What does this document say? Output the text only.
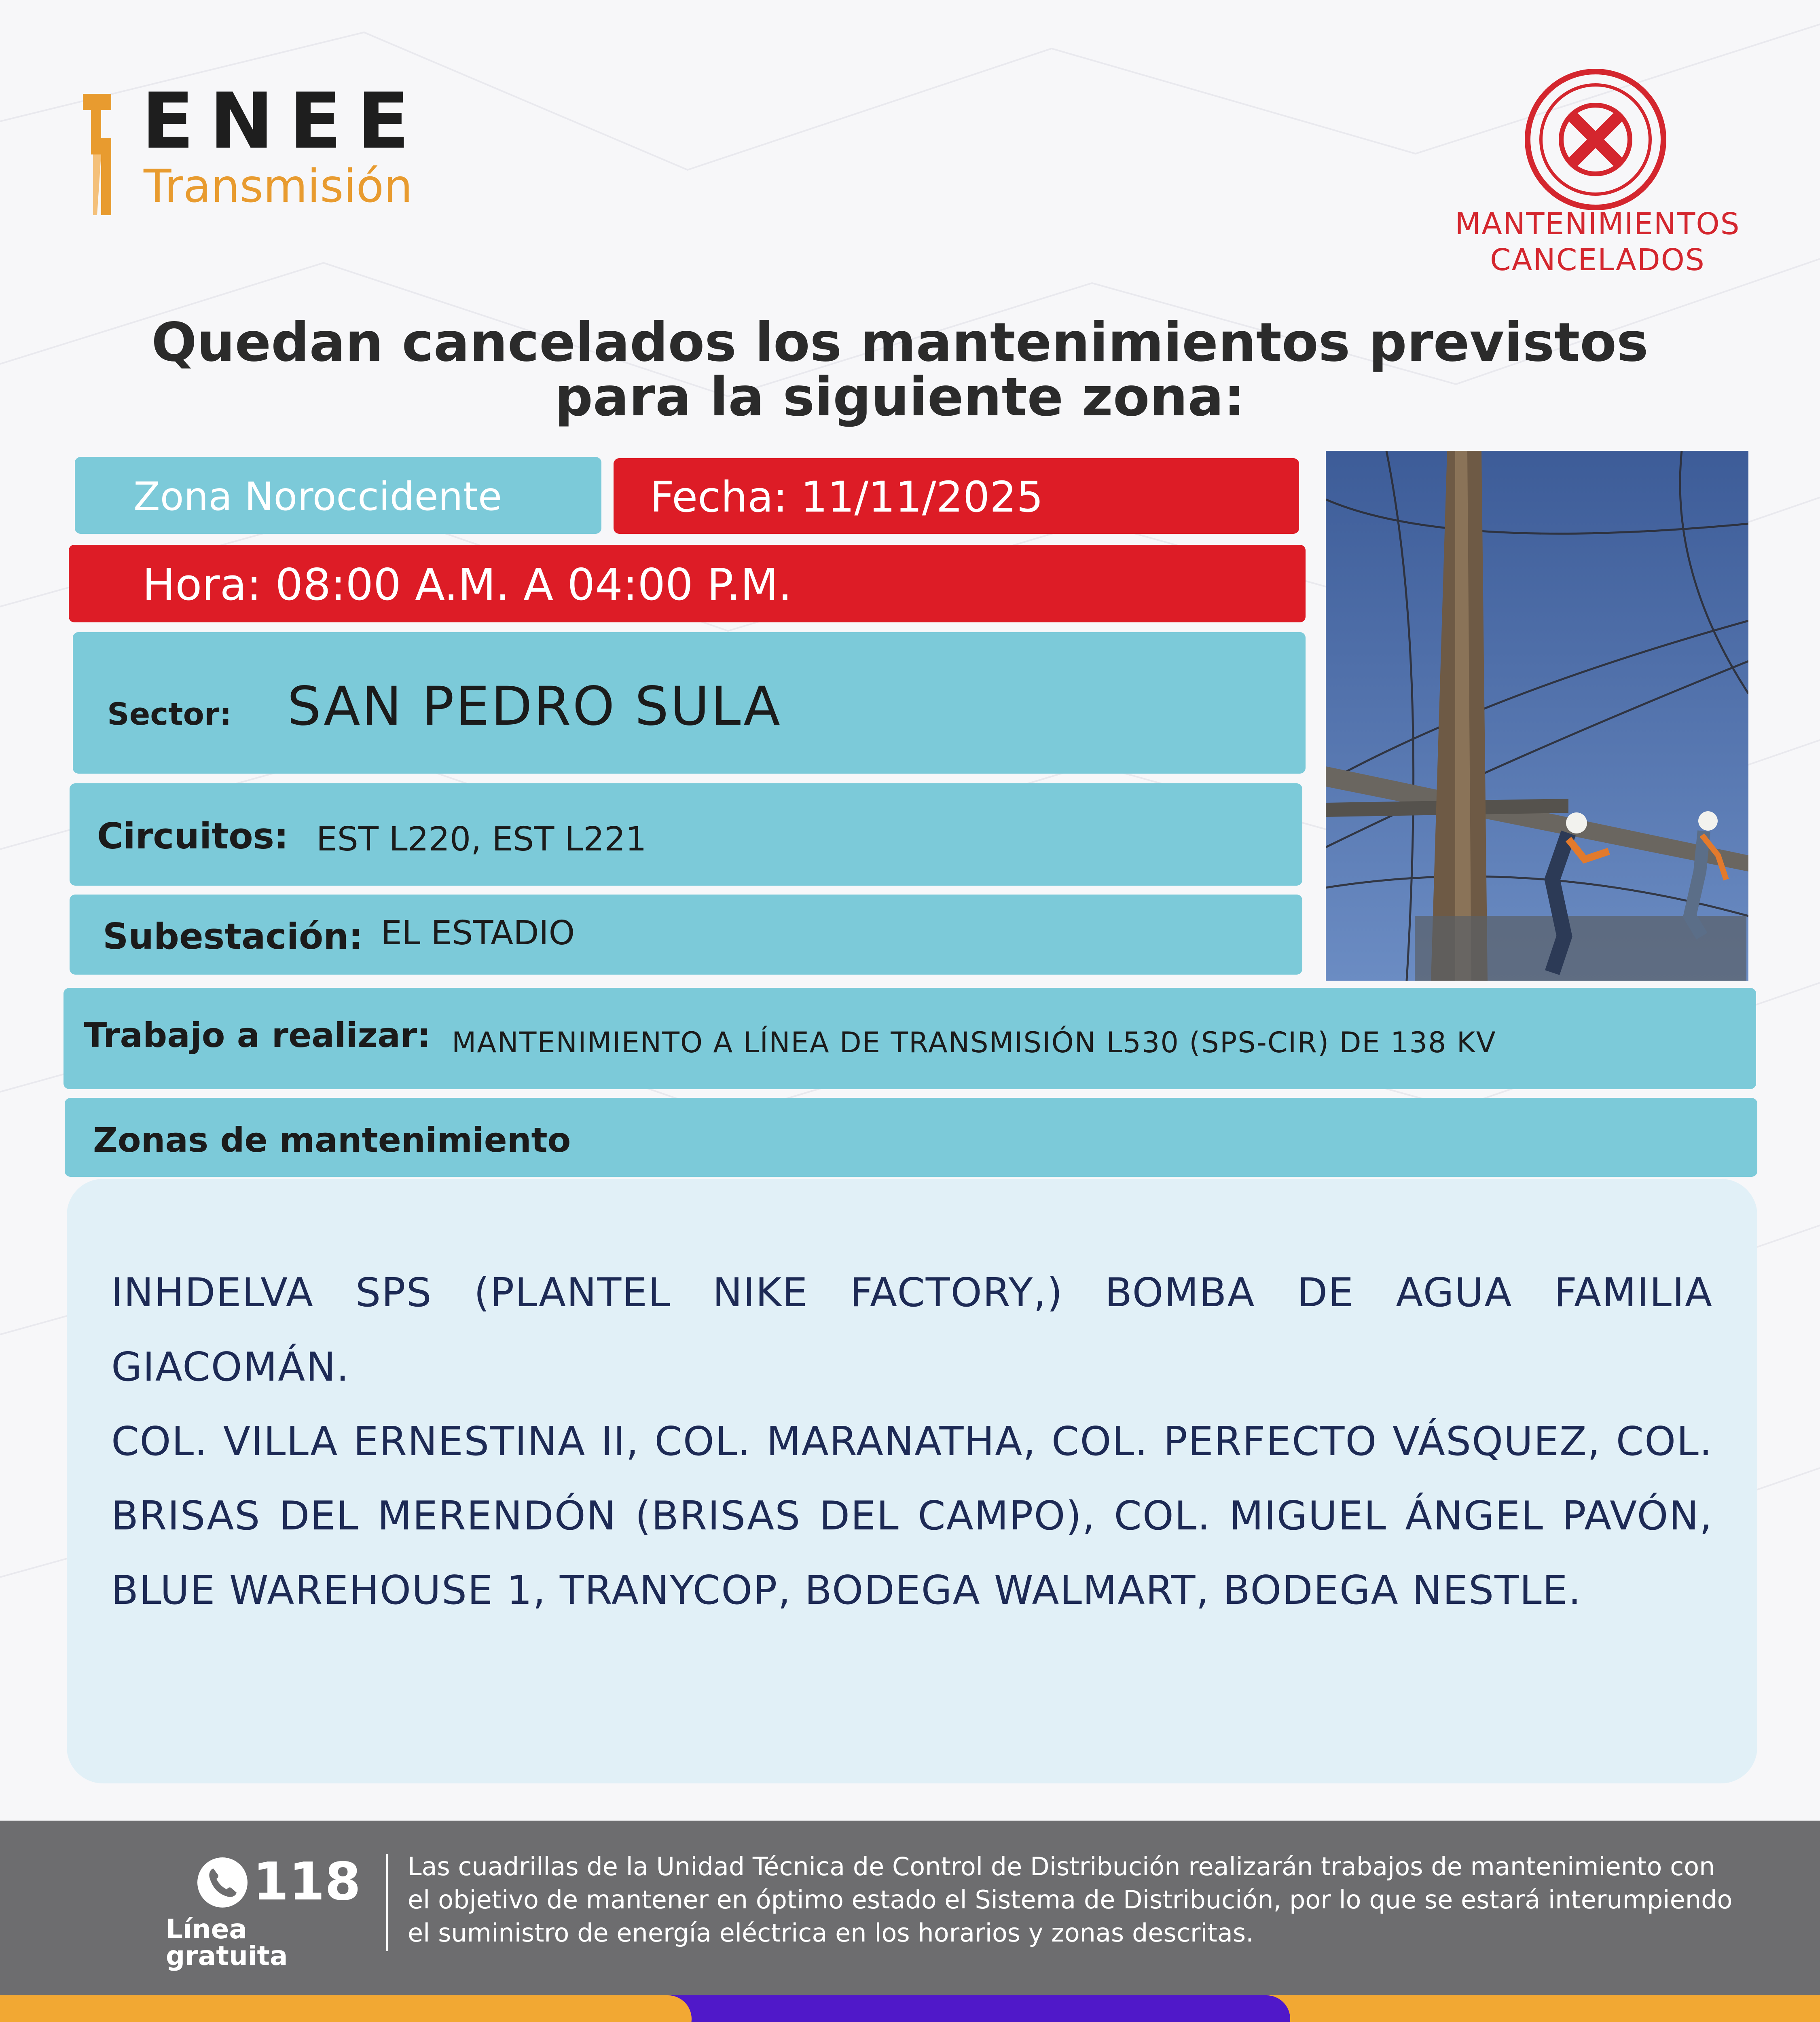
ENEE
Transmisión
MANTENIMIENTOS
CANCELADOS
Quedan cancelados los mantenimientos previstos
para la siguiente zona:
Zona Noroccidente	Fecha: 11/11/2025
Hora: 08:00 A.M. A 04:00 P.M.
Sector: SAN PEDRO SULA
Circuitos: EST L220, EST L221
Subestación: EL ESTADIO
Trabajo a realizar: MANTENIMIENTO A LÍNEA DE TRANSMISIÓN L530 (SPS-CIR) DE 138 KV
Zonas de mantenimiento

INHDELVA SPS (PLANTEL NIKE FACTORY,) BOMBA DE AGUA FAMILIA GIACOMÁN.

COL. VILLA ERNESTINA II, COL. MARANATHA, COL. PERFECTO VÁSQUEZ, COL. BRISAS DEL MERENDÓN (BRISAS DEL CAMPO), COL. MIGUEL ÁNGEL PAVÓN, BLUE WAREHOUSE 1, TRANYCOP, BODEGA WALMART, BODEGA NESTLE.

118
Línea gratuita
Las cuadrillas de la Unidad Técnica de Control de Distribución realizarán trabajos de mantenimiento con el objetivo de mantener en óptimo estado el Sistema de Distribución, por lo que se estará interumpiendo el suministro de energía eléctrica en los horarios y zonas descritas.
